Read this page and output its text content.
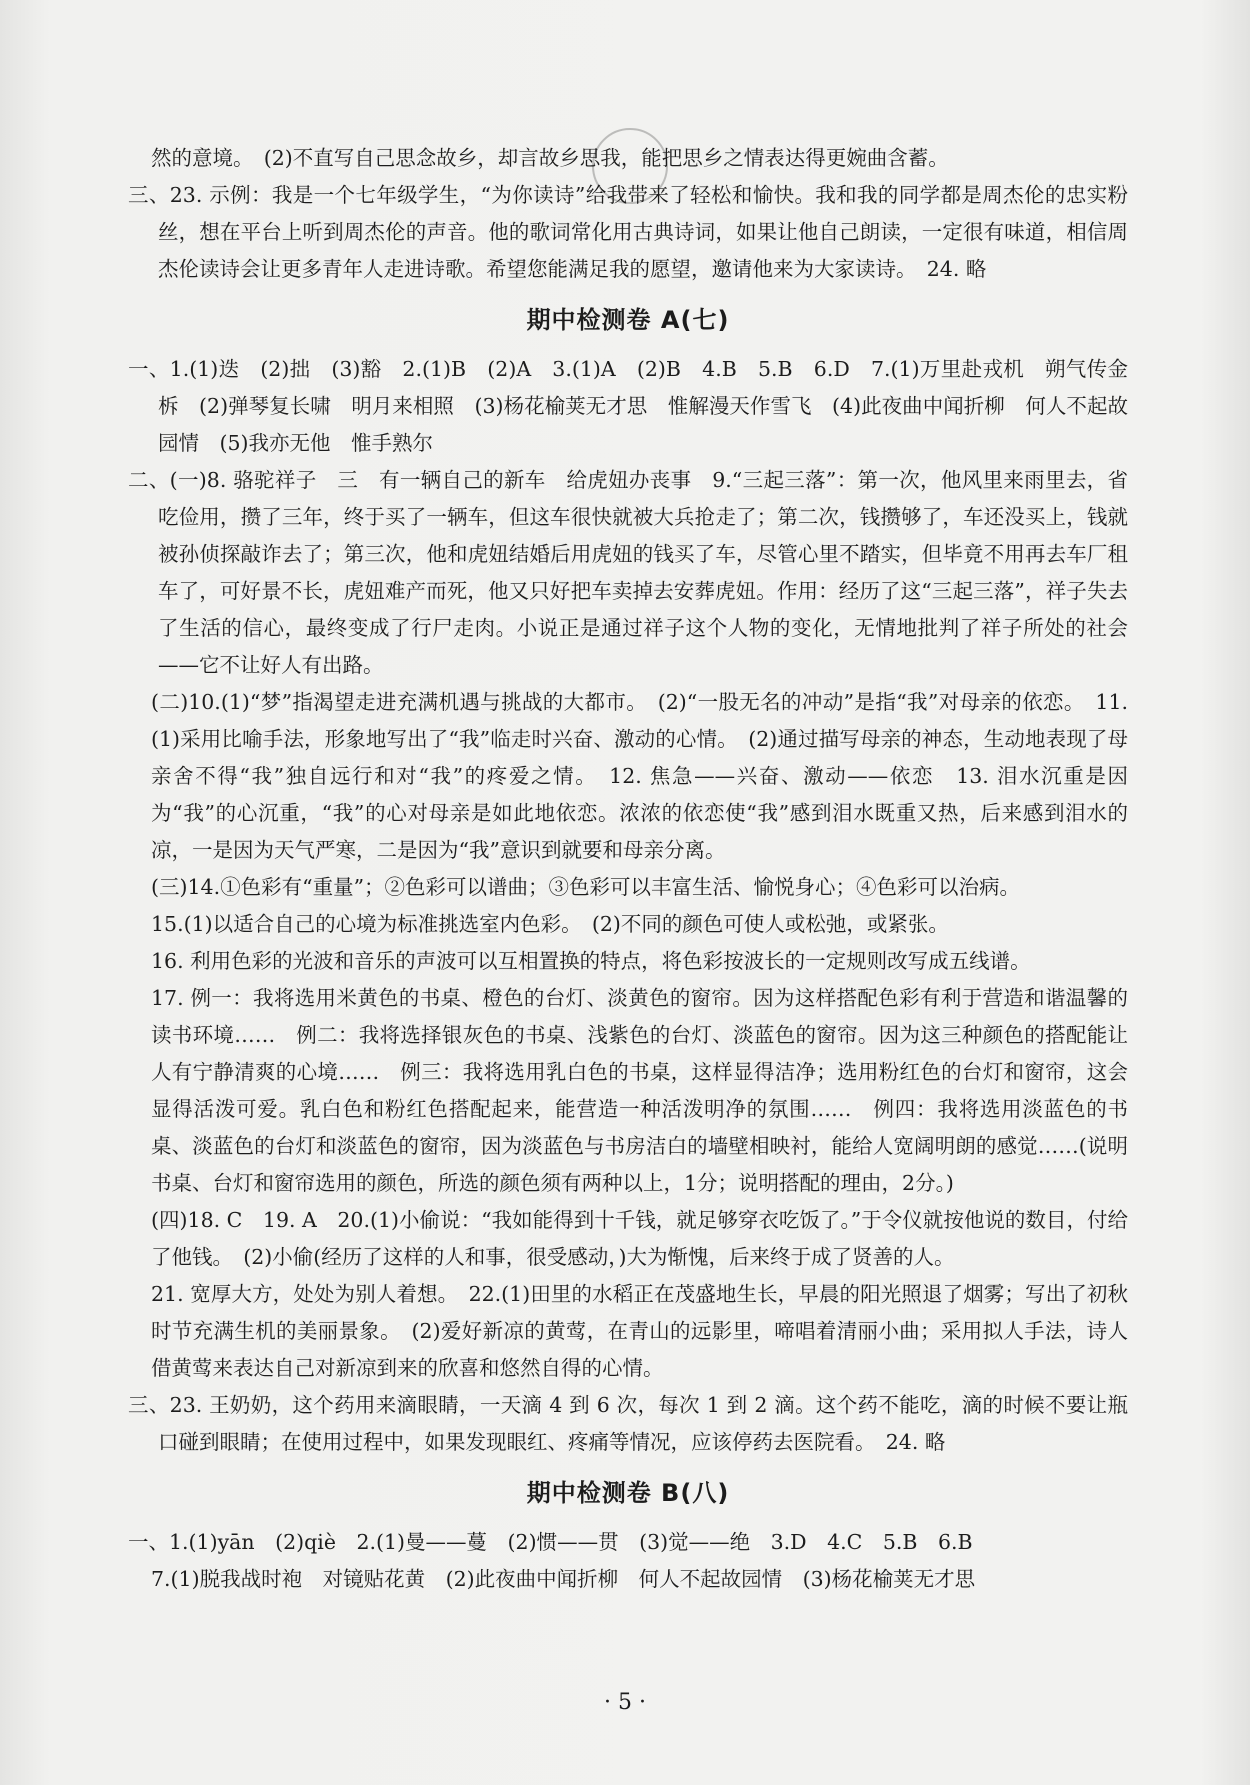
然的意境。　(2)不直写自己思念故乡，却言故乡思我，能把思乡之情表达得更婉曲含蓄。

三、23. 示例：我是一个七年级学生，“为你读诗”给我带来了轻松和愉快。我和我的同学都是周杰伦的忠实粉丝，想在平台上听到周杰伦的声音。他的歌词常化用古典诗词，如果让他自己朗读，一定很有味道，相信周杰伦读诗会让更多青年人走进诗歌。希望您能满足我的愿望，邀请他来为大家读诗。　24. 略

期中检测卷 A(七)

一、1.(1)迭　(2)拙　(3)豁　2.(1)B　(2)A　3.(1)A　(2)B　4.B　5.B　6.D　7.(1)万里赴戎机　朔气传金柝　(2)弹琴复长啸　明月来相照　(3)杨花榆荚无才思　惟解漫天作雪飞　(4)此夜曲中闻折柳　何人不起故园情　(5)我亦无他　惟手熟尔

二、(一)8. 骆驼祥子　三　有一辆自己的新车　给虎妞办丧事　9.“三起三落”：第一次，他风里来雨里去，省吃俭用，攒了三年，终于买了一辆车，但这车很快就被大兵抢走了；第二次，钱攒够了，车还没买上，钱就被孙侦探敲诈去了；第三次，他和虎妞结婚后用虎妞的钱买了车，尽管心里不踏实，但毕竟不用再去车厂租车了，可好景不长，虎妞难产而死，他又只好把车卖掉去安葬虎妞。作用：经历了这“三起三落”，祥子失去了生活的信心，最终变成了行尸走肉。小说正是通过祥子这个人物的变化，无情地批判了祥子所处的社会——它不让好人有出路。

(二)10.(1)“梦”指渴望走进充满机遇与挑战的大都市。　(2)“一股无名的冲动”是指“我”对母亲的依恋。　11.(1)采用比喻手法，形象地写出了“我”临走时兴奋、激动的心情。　(2)通过描写母亲的神态，生动地表现了母亲舍不得“我”独自远行和对“我”的疼爱之情。　12. 焦急——兴奋、激动——依恋　13. 泪水沉重是因为“我”的心沉重，“我”的心对母亲是如此地依恋。浓浓的依恋使“我”感到泪水既重又热，后来感到泪水的凉，一是因为天气严寒，二是因为“我”意识到就要和母亲分离。

(三)14.①色彩有“重量”；②色彩可以谱曲；③色彩可以丰富生活、愉悦身心；④色彩可以治病。

15.(1)以适合自己的心境为标准挑选室内色彩。　(2)不同的颜色可使人或松弛，或紧张。

16. 利用色彩的光波和音乐的声波可以互相置换的特点，将色彩按波长的一定规则改写成五线谱。

17. 例一：我将选用米黄色的书桌、橙色的台灯、淡黄色的窗帘。因为这样搭配色彩有利于营造和谐温馨的读书环境……　例二：我将选择银灰色的书桌、浅紫色的台灯、淡蓝色的窗帘。因为这三种颜色的搭配能让人有宁静清爽的心境……　例三：我将选用乳白色的书桌，这样显得洁净；选用粉红色的台灯和窗帘，这会显得活泼可爱。乳白色和粉红色搭配起来，能营造一种活泼明净的氛围……　例四：我将选用淡蓝色的书桌、淡蓝色的台灯和淡蓝色的窗帘，因为淡蓝色与书房洁白的墙壁相映衬，能给人宽阔明朗的感觉……(说明书桌、台灯和窗帘选用的颜色，所选的颜色须有两种以上，1分；说明搭配的理由，2分。)

(四)18. C　19. A　20.(1)小偷说：“我如能得到十千钱，就足够穿衣吃饭了。”于令仪就按他说的数目，付给了他钱。　(2)小偷(经历了这样的人和事，很受感动，)大为惭愧，后来终于成了贤善的人。

21. 宽厚大方，处处为别人着想。　22.(1)田里的水稻正在茂盛地生长，早晨的阳光照退了烟雾；写出了初秋时节充满生机的美丽景象。　(2)爱好新凉的黄莺，在青山的远影里，啼唱着清丽小曲；采用拟人手法，诗人借黄莺来表达自己对新凉到来的欣喜和悠然自得的心情。

三、23. 王奶奶，这个药用来滴眼睛，一天滴 4 到 6 次，每次 1 到 2 滴。这个药不能吃，滴的时候不要让瓶口碰到眼睛；在使用过程中，如果发现眼红、疼痛等情况，应该停药去医院看。　24. 略

期中检测卷 B(八)

一、1.(1)yān　(2)qiè　2.(1)曼——蔓　(2)惯——贯　(3)觉——绝　3.D　4.C　5.B　6.B

7.(1)脱我战时袍　对镜贴花黄　(2)此夜曲中闻折柳　何人不起故园情　(3)杨花榆荚无才思

· 5 ·
